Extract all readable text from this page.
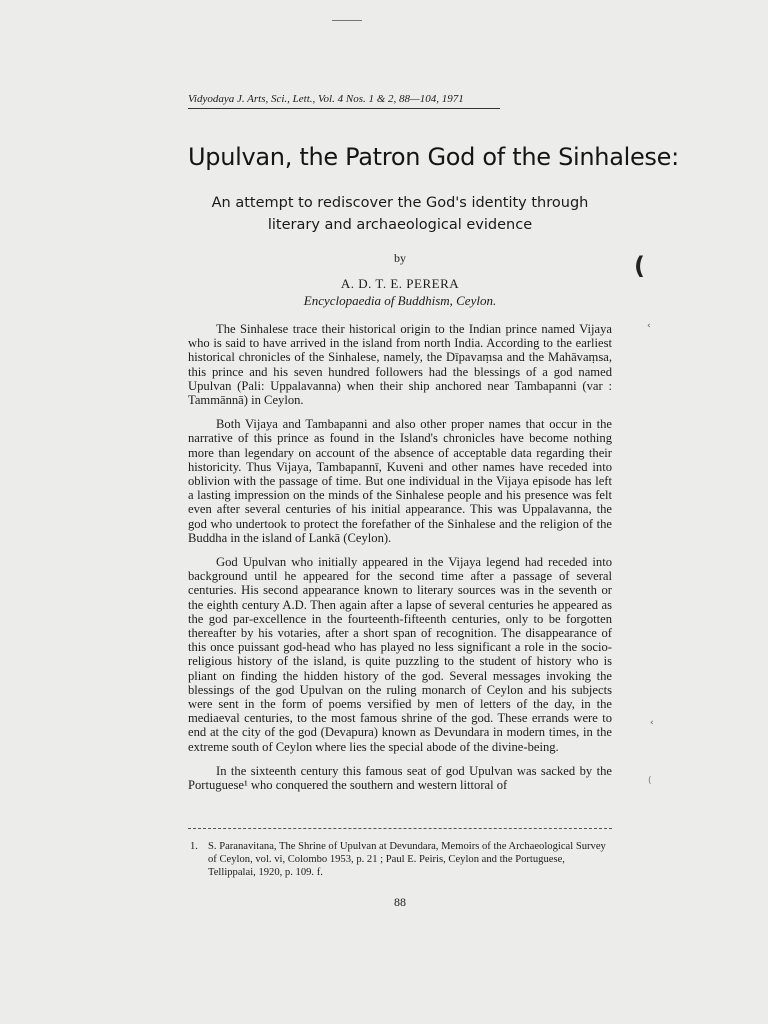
Vidyodaya J. Arts, Sci., Lett., Vol. 4 Nos. 1 & 2, 88—104, 1971
Upulvan, the Patron God of the Sinhalese:
An attempt to rediscover the God's identity through literary and archaeological evidence
by
A. D. T. E. PERERA
Encyclopaedia of Buddhism, Ceylon.

The Sinhalese trace their historical origin to the Indian prince named Vijaya who is said to have arrived in the island from north India. According to the earliest historical chronicles of the Sinhalese, namely, the Dīpavaṃsa and the Mahāvaṃsa, this prince and his seven hundred followers had the blessings of a god named Upulvan (Pali: Uppalavanna) when their ship anchored near Tambapanni (var : Tammānnā) in Ceylon.

Both Vijaya and Tambapanni and also other proper names that occur in the narrative of this prince as found in the Island's chronicles have become nothing more than legendary on account of the absence of acceptable data regarding their historicity. Thus Vijaya, Tambapannī, Kuveni and other names have receded into oblivion with the passage of time. But one individual in the Vijaya episode has left a lasting impression on the minds of the Sinhalese people and his presence was felt even after several centuries of his initial appearance. This was Uppalavanna, the god who undertook to protect the forefather of the Sinhalese and the religion of the Buddha in the island of Lankā (Ceylon).

God Upulvan who initially appeared in the Vijaya legend had receded into background until he appeared for the second time after a passage of several centuries. His second appearance known to literary sources was in the seventh or the eighth century A.D. Then again after a lapse of several centuries he appeared as the god par-excellence in the fourteenth-fifteenth centuries, only to be forgotten thereafter by his votaries, after a short span of recognition. The disappearance of this once puissant god-head who has played no less significant a role in the socio-religious history of the island, is quite puzzling to the student of history who is pliant on finding the hidden history of the god. Several messages invoking the blessings of the god Upulvan on the ruling monarch of Ceylon and his subjects were sent in the form of poems versified by men of letters of the day, in the mediaeval centuries, to the most famous shrine of the god. These errands were to end at the city of the god (Devapura) known as Devundara in modern times, in the extreme south of Ceylon where lies the special abode of the divine-being.

In the sixteenth century this famous seat of god Upulvan was sacked by the Portuguese¹ who conquered the southern and western littoral of

1. S. Paranavitana, The Shrine of Upulvan at Devundara, Memoirs of the Archaeological Survey of Ceylon, vol. vi, Colombo 1953, p. 21 ; Paul E. Peiris, Ceylon and the Portuguese, Tellippalai, 1920, p. 109. f.
88
(
‹
‹
(
